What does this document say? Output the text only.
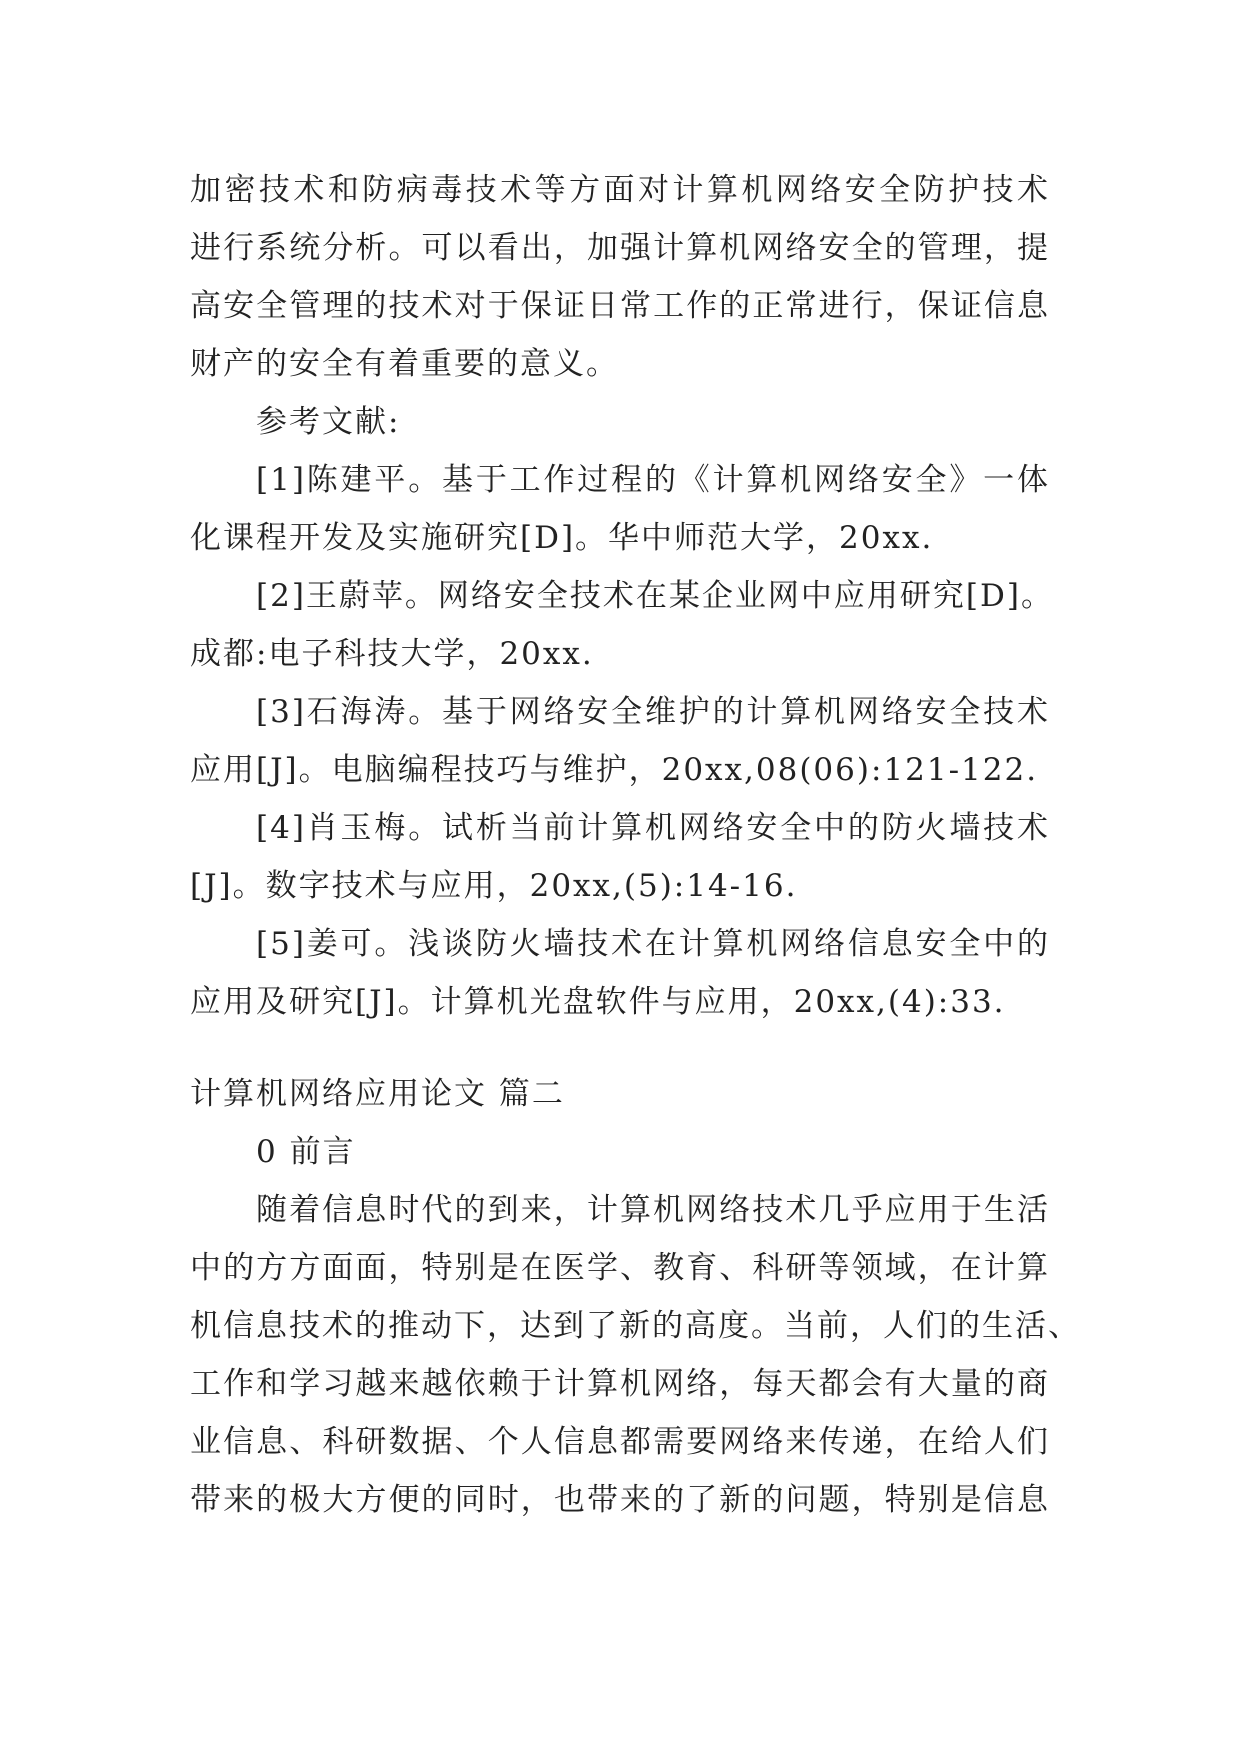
加密技术和防病毒技术等方面对计算机网络安全防护技术
进行系统分析。可以看出，加强计算机网络安全的管理，提
高安全管理的技术对于保证日常工作的正常进行，保证信息
财产的安全有着重要的意义。
参考文献:
[1]陈建平。基于工作过程的《计算机网络安全》一体
化课程开发及实施研究[D]。华中师范大学，20xx.
[2]王蔚苹。网络安全技术在某企业网中应用研究[D]。
成都:电子科技大学，20xx.
[3]石海涛。基于网络安全维护的计算机网络安全技术
应用[J]。电脑编程技巧与维护，20xx,08(06):121-122.
[4]肖玉梅。试析当前计算机网络安全中的防火墙技术
[J]。数字技术与应用，20xx,(5):14-16.
[5]姜可。浅谈防火墙技术在计算机网络信息安全中的
应用及研究[J]。计算机光盘软件与应用，20xx,(4):33.
计算机网络应用论文 篇二
0 前言
随着信息时代的到来，计算机网络技术几乎应用于生活
中的方方面面，特别是在医学、教育、科研等领域，在计算
机信息技术的推动下，达到了新的高度。当前，人们的生活、
工作和学习越来越依赖于计算机网络，每天都会有大量的商
业信息、科研数据、个人信息都需要网络来传递，在给人们
带来的极大方便的同时，也带来的了新的问题，特别是信息
